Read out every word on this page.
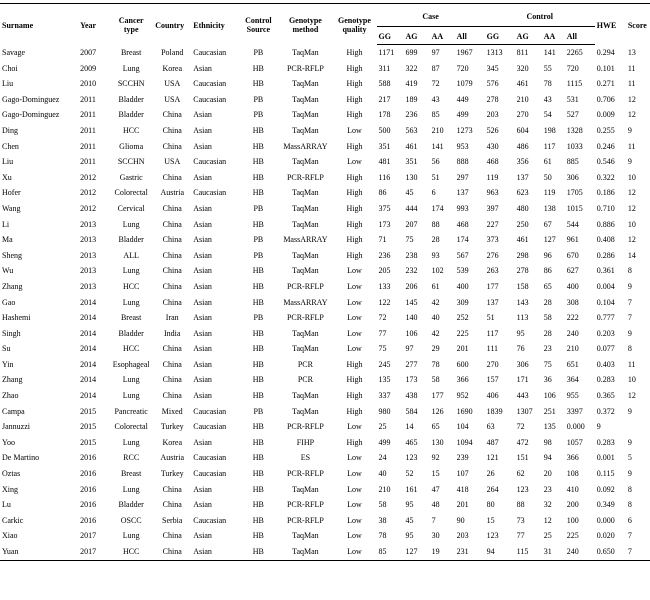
Surname	Year	Cancer type	Country	Ethnicity	Control Source	Genotype method	Genotype quality	Case				Control				HWE	Score
								GG	AG	AA	All	GG	AG	AA	All		
Savage	2007	Breast	Poland	Caucasian	PB	TaqMan	High	1171	699	97	1967	1313	811	141	2265	0.294	13
Choi	2009	Lung	Korea	Asian	HB	PCR-RFLP	High	311	322	87	720	345	320	55	720	0.101	11
Liu	2010	SCCHN	USA	Caucasian	HB	TaqMan	High	588	419	72	1079	576	461	78	1115	0.271	11
Gago-Dominguez	2011	Bladder	USA	Caucasian	PB	TaqMan	High	217	189	43	449	278	210	43	531	0.706	12
Gago-Dominguez	2011	Bladder	China	Asian	PB	TaqMan	High	178	236	85	499	203	270	54	527	0.009	12
Ding	2011	HCC	China	Asian	HB	TaqMan	Low	500	563	210	1273	526	604	198	1328	0.255	9
Chen	2011	Glioma	China	Asian	HB	MassARRAY	High	351	461	141	953	430	486	117	1033	0.246	11
Liu	2011	SCCHN	USA	Caucasian	HB	TaqMan	Low	481	351	56	888	468	356	61	885	0.546	9
Xu	2012	Gastric	China	Asian	HB	PCR-RFLP	High	116	130	51	297	119	137	50	306	0.322	10
Hofer	2012	Colorectal	Austria	Caucasian	HB	TaqMan	High	86	45	6	137	963	623	119	1705	0.186	12
Wang	2012	Cervical	China	Asian	PB	TaqMan	High	375	444	174	993	397	480	138	1015	0.710	12
Li	2013	Lung	China	Asian	HB	TaqMan	High	173	207	88	468	227	250	67	544	0.886	10
Ma	2013	Bladder	China	Asian	PB	MassARRAY	High	71	75	28	174	373	461	127	961	0.408	12
Sheng	2013	ALL	China	Asian	PB	TaqMan	High	236	238	93	567	276	298	96	670	0.286	14
Wu	2013	Lung	China	Asian	HB	TaqMan	Low	205	232	102	539	263	278	86	627	0.361	8
Zhang	2013	HCC	China	Asian	HB	PCR-RFLP	Low	133	206	61	400	177	158	65	400	0.004	9
Gao	2014	Lung	China	Asian	HB	MassARRAY	Low	122	145	42	309	137	143	28	308	0.104	7
Hashemi	2014	Breast	Iran	Asian	PB	PCR-RFLP	Low	72	140	40	252	51	113	58	222	0.777	7
Singh	2014	Bladder	India	Asian	HB	TaqMan	Low	77	106	42	225	117	95	28	240	0.203	9
Su	2014	HCC	China	Asian	HB	TaqMan	Low	75	97	29	201	111	76	23	210	0.077	8
Yin	2014	Esophageal	China	Asian	HB	PCR	High	245	277	78	600	270	306	75	651	0.403	11
Zhang	2014	Lung	China	Asian	HB	PCR	High	135	173	58	366	157	171	36	364	0.283	10
Zhao	2014	Lung	China	Asian	HB	TaqMan	High	337	438	177	952	406	443	106	955	0.365	12
Campa	2015	Pancreatic	Mixed	Caucasian	PB	TaqMan	High	980	584	126	1690	1839	1307	251	3397	0.372	9
Jannuzzi	2015	Colorectal	Turkey	Caucasian	HB	PCR-RFLP	Low	25	14	65	104	63	72	135	0.000	9	
Yoo	2015	Lung	Korea	Asian	HB	FIHP	High	499	465	130	1094	487	472	98	1057	0.283	9
De Martino	2016	RCC	Austria	Caucasian	HB	ES	Low	24	123	92	239	121	151	94	366	0.001	5
Oztas	2016	Breast	Turkey	Caucasian	HB	PCR-RFLP	Low	40	52	15	107	26	62	20	108	0.115	9
Xing	2016	Lung	China	Asian	HB	TaqMan	Low	210	161	47	418	264	123	23	410	0.092	8
Lu	2016	Bladder	China	Asian	HB	PCR-RFLP	Low	58	95	48	201	80	88	32	200	0.349	8
Carkic	2016	OSCC	Serbia	Caucasian	HB	PCR-RFLP	Low	38	45	7	90	15	73	12	100	0.000	6
Xiao	2017	Lung	China	Asian	HB	TaqMan	Low	78	95	30	203	123	77	25	225	0.020	7
Yuan	2017	HCC	China	Asian	HB	TaqMan	Low	85	127	19	231	94	115	31	240	0.650	7
